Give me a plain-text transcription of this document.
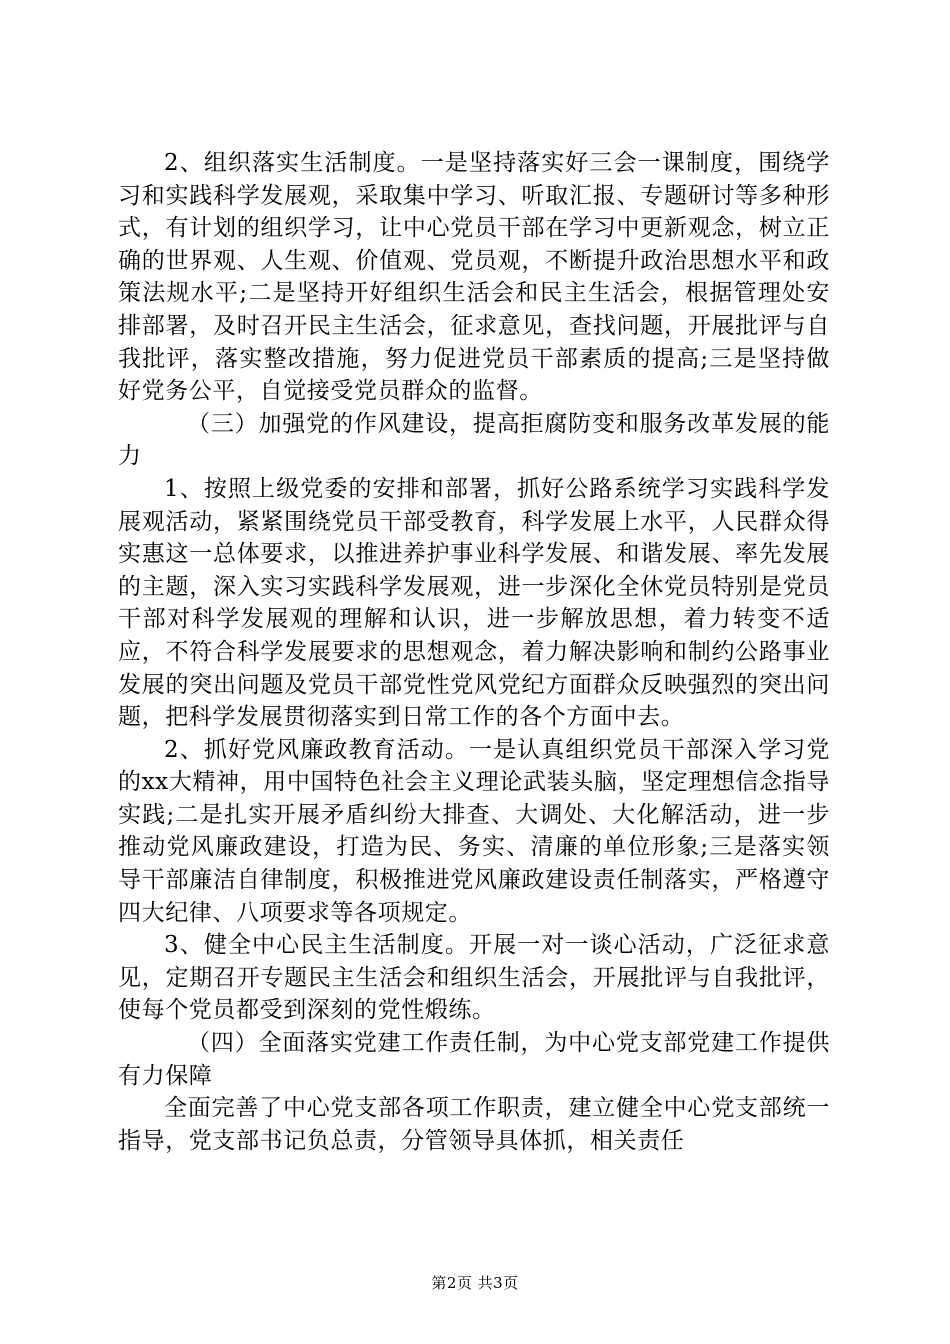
2、组织落实生活制度。一是坚持落实好三会一课制度，围绕学习和实践科学发展观，采取集中学习、听取汇报、专题研讨等多种形式，有计划的组织学习，让中心党员干部在学习中更新观念，树立正确的世界观、人生观、价值观、党员观，不断提升政治思想水平和政策法规水平;二是坚持开好组织生活会和民主生活会，根据管理处安排部署，及时召开民主生活会，征求意见，查找问题，开展批评与自我批评，落实整改措施，努力促进党员干部素质的提高;三是坚持做好党务公平，自觉接受党员群众的监督。

（三）加强党的作风建设，提高拒腐防变和服务改革发展的能力

1、按照上级党委的安排和部署，抓好公路系统学习实践科学发展观活动，紧紧围绕党员干部受教育，科学发展上水平，人民群众得实惠这一总体要求，以推进养护事业科学发展、和谐发展、率先发展的主题，深入实习实践科学发展观，进一步深化全休党员特别是党员干部对科学发展观的理解和认识，进一步解放思想，着力转变不适应，不符合科学发展要求的思想观念，着力解决影响和制约公路事业发展的突出问题及党员干部党性党风党纪方面群众反映强烈的突出问题，把科学发展贯彻落实到日常工作的各个方面中去。

2、抓好党风廉政教育活动。一是认真组织党员干部深入学习党的xx大精神，用中国特色社会主义理论武装头脑，坚定理想信念指导实践;二是扎实开展矛盾纠纷大排查、大调处、大化解活动，进一步推动党风廉政建设，打造为民、务实、清廉的单位形象;三是落实领导干部廉洁自律制度，积极推进党风廉政建设责任制落实，严格遵守四大纪律、八项要求等各项规定。

3、健全中心民主生活制度。开展一对一谈心活动，广泛征求意见，定期召开专题民主生活会和组织生活会，开展批评与自我批评，使每个党员都受到深刻的党性煅练。

（四）全面落实党建工作责任制，为中心党支部党建工作提供有力保障

全面完善了中心党支部各项工作职责，建立健全中心党支部统一指导，党支部书记负总责，分管领导具体抓，相关责任

第2页 共3页
